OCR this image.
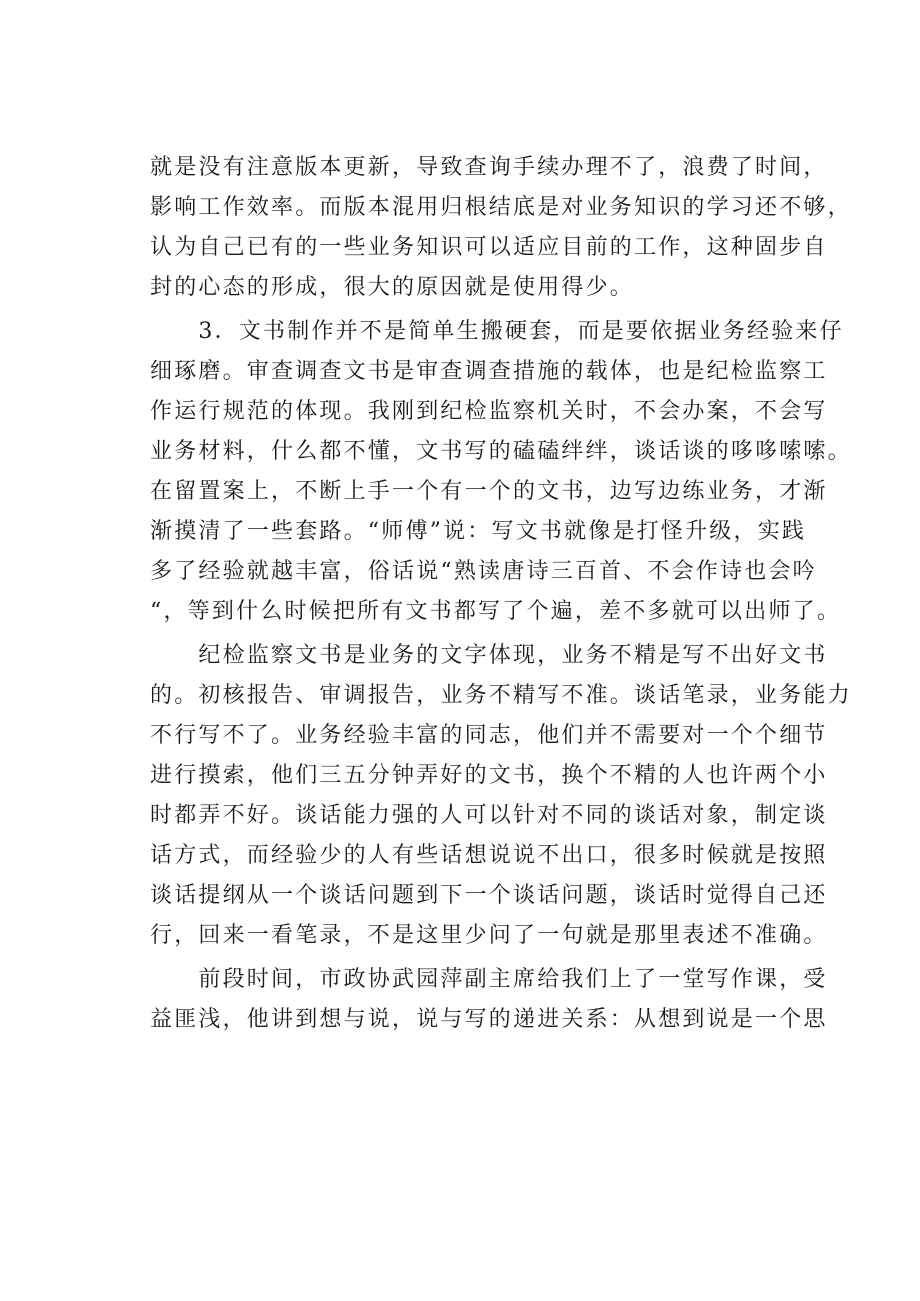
就是没有注意版本更新，导致查询手续办理不了，浪费了时间，
影响工作效率。而版本混用归根结底是对业务知识的学习还不够，
认为自己已有的一些业务知识可以适应目前的工作，这种固步自
封的心态的形成，很大的原因就是使用得少。
　　3．文书制作并不是简单生搬硬套，而是要依据业务经验来仔
细琢磨。审查调查文书是审查调查措施的载体，也是纪检监察工
作运行规范的体现。我刚到纪检监察机关时，不会办案，不会写
业务材料，什么都不懂，文书写的磕磕绊绊，谈话谈的哆哆嗦嗦。
在留置案上，不断上手一个有一个的文书，边写边练业务，才渐
渐摸清了一些套路。“师傅”说：写文书就像是打怪升级，实践
多了经验就越丰富，俗话说“熟读唐诗三百首、不会作诗也会吟
“，等到什么时候把所有文书都写了个遍，差不多就可以出师了。
　　纪检监察文书是业务的文字体现，业务不精是写不出好文书
的。初核报告、审调报告，业务不精写不准。谈话笔录，业务能力
不行写不了。业务经验丰富的同志，他们并不需要对一个个细节
进行摸索，他们三五分钟弄好的文书，换个不精的人也许两个小
时都弄不好。谈话能力强的人可以针对不同的谈话对象，制定谈
话方式，而经验少的人有些话想说说不出口，很多时候就是按照
谈话提纲从一个谈话问题到下一个谈话问题，谈话时觉得自己还
行，回来一看笔录，不是这里少问了一句就是那里表述不准确。
　　前段时间，市政协武园萍副主席给我们上了一堂写作课，受
益匪浅，他讲到想与说，说与写的递进关系：从想到说是一个思
